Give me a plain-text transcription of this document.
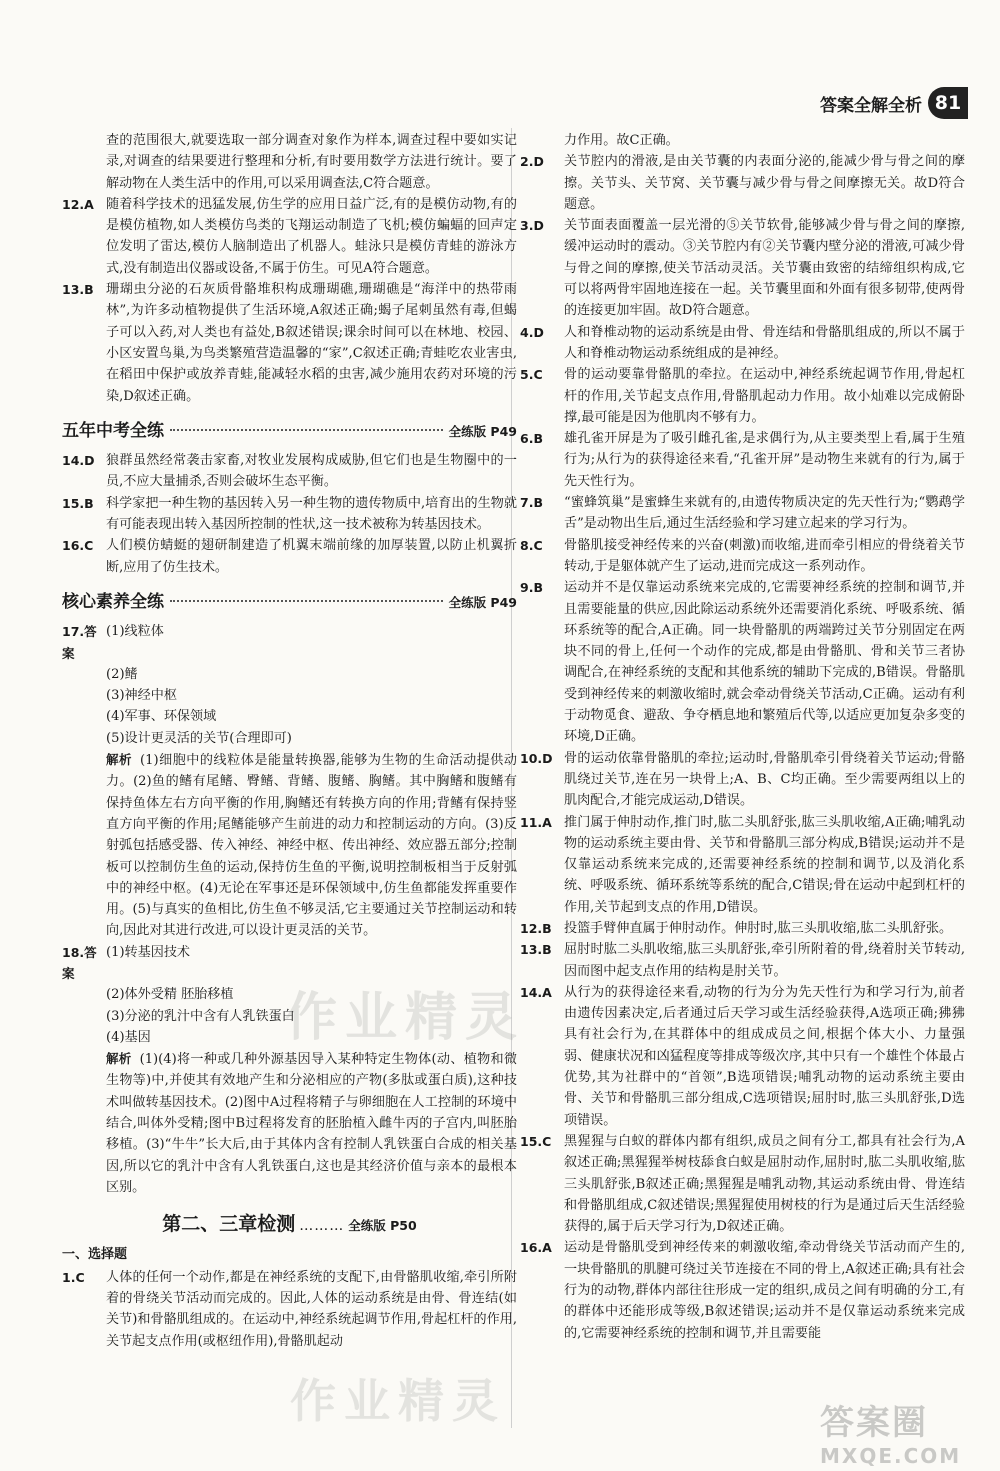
答案全解全析 81

查的范围很大,就要选取一部分调查对象作为样本,调查过程中要如实记录,对调查的结果要进行整理和分析,有时要用数学方法进行统计。要了解动物在人类生活中的作用,可以采用调查法,C符合题意。

12.A 随着科学技术的迅猛发展,仿生学的应用日益广泛,有的是模仿动物,有的是模仿植物,如人类模仿鸟类的飞翔运动制造了飞机;模仿蝙蝠的回声定位发明了雷达,模仿人脑制造出了机器人。蛙泳只是模仿青蛙的游泳方式,没有制造出仪器或设备,不属于仿生。可见A符合题意。
13.B 珊瑚虫分泌的石灰质骨骼堆积构成珊瑚礁,珊瑚礁是“海洋中的热带雨林”,为许多动植物提供了生活环境,A叙述正确;蝎子尾刺虽然有毒,但蝎子可以入药,对人类也有益处,B叙述错误;课余时间可以在林地、校园、小区安置鸟巢,为鸟类繁殖营造温馨的“家”,C叙述正确;青蛙吃农业害虫,在稻田中保护或放养青蛙,能减轻水稻的虫害,减少施用农药对环境的污染,D叙述正确。
五年中考全练	全练版 P49
14.D 狼群虽然经常袭击家畜,对牧业发展构成威胁,但它们也是生物圈中的一员,不应大量捕杀,否则会破坏生态平衡。
15.B 科学家把一种生物的基因转入另一种生物的遗传物质中,培育出的生物就有可能表现出转入基因所控制的性状,这一技术被称为转基因技术。
16.C 人们模仿蜻蜓的翅研制建造了机翼末端前缘的加厚装置,以防止机翼折断,应用了仿生技术。
核心素养全练	全练版 P49
17.答案
(1)线粒体

(2)鳍

(3)神经中枢

(4)军事、环保领域

(5)设计更灵活的关节(合理即可)

解析 (1)细胞中的线粒体是能量转换器,能够为生物的生命活动提供动力。(2)鱼的鳍有尾鳍、臀鳍、背鳍、腹鳍、胸鳍。其中胸鳍和腹鳍有保持鱼体左右方向平衡的作用,胸鳍还有转换方向的作用;背鳍有保持竖直方向平衡的作用;尾鳍能够产生前进的动力和控制运动的方向。(3)反射弧包括感受器、传入神经、神经中枢、传出神经、效应器五部分;控制板可以控制仿生鱼的运动,保持仿生鱼的平衡,说明控制板相当于反射弧中的神经中枢。(4)无论在军事还是环保领域中,仿生鱼都能发挥重要作用。(5)与真实的鱼相比,仿生鱼不够灵活,它主要通过关节控制运动和转向,因此对其进行改进,可以设计更灵活的关节。

18.答案
(1)转基因技术

(2)体外受精 胚胎移植

(3)分泌的乳汁中含有人乳铁蛋白

(4)基因

解析 (1)(4)将一种或几种外源基因导入某种特定生物体(动、植物和微生物等)中,并使其有效地产生和分泌相应的产物(多肽或蛋白质),这种技术叫做转基因技术。(2)图中A过程将精子与卵细胞在人工控制的环境中结合,叫体外受精;图中B过程将发育的胚胎植入雌牛丙的子宫内,叫胚胎移植。(3)“牛牛”长大后,由于其体内含有控制人乳铁蛋白合成的相关基因,所以它的乳汁中含有人乳铁蛋白,这也是其经济价值与亲本的最根本区别。

第二、三章检测 ……… 全练版 P50
一、选择题
1.C	人体的任何一个动作,都是在神经系统的支配下,由骨骼肌收缩,牵引所附着的骨绕关节活动而完成的。因此,人体的运动系统是由骨、骨连结(如关节)和骨骼肌组成的。在运动中,神经系统起调节作用,骨起杠杆的作用,关节起支点作用(或枢纽作用),骨骼肌起动

力作用。故C正确。

2.D	关节腔内的滑液,是由关节囊的内表面分泌的,能减少骨与骨之间的摩擦。关节头、关节窝、关节囊与减少骨与骨之间摩擦无关。故D符合题意。
3.D	关节面表面覆盖一层光滑的⑤关节软骨,能够减少骨与骨之间的摩擦,缓冲运动时的震动。③关节腔内有②关节囊内壁分泌的滑液,可减少骨与骨之间的摩擦,使关节活动灵活。关节囊由致密的结缔组织构成,它可以将两骨牢固地连接在一起。关节囊里面和外面有很多韧带,使两骨的连接更加牢固。故D符合题意。
4.D	人和脊椎动物的运动系统是由骨、骨连结和骨骼肌组成的,所以不属于人和脊椎动物运动系统组成的是神经。
5.C	骨的运动要靠骨骼肌的牵拉。在运动中,神经系统起调节作用,骨起杠杆的作用,关节起支点作用,骨骼肌起动力作用。故小灿难以完成俯卧撑,最可能是因为他肌肉不够有力。
6.B	雄孔雀开屏是为了吸引雌孔雀,是求偶行为,从主要类型上看,属于生殖行为;从行为的获得途径来看,“孔雀开屏”是动物生来就有的行为,属于先天性行为。
7.B	“蜜蜂筑巢”是蜜蜂生来就有的,由遗传物质决定的先天性行为;“鹦鹉学舌”是动物出生后,通过生活经验和学习建立起来的学习行为。
8.C	骨骼肌接受神经传来的兴奋(刺激)而收缩,进而牵引相应的骨绕着关节转动,于是躯体就产生了运动,进而完成这一系列动作。
9.B	运动并不是仅靠运动系统来完成的,它需要神经系统的控制和调节,并且需要能量的供应,因此除运动系统外还需要消化系统、呼吸系统、循环系统等的配合,A正确。同一块骨骼肌的两端跨过关节分别固定在两块不同的骨上,任何一个动作的完成,都是由骨骼肌、骨和关节三者协调配合,在神经系统的支配和其他系统的辅助下完成的,B错误。骨骼肌受到神经传来的刺激收缩时,就会牵动骨绕关节活动,C正确。运动有利于动物觅食、避敌、争夺栖息地和繁殖后代等,以适应更加复杂多变的环境,D正确。
10.D 骨的运动依靠骨骼肌的牵拉;运动时,骨骼肌牵引骨绕着关节运动;骨骼肌绕过关节,连在另一块骨上;A、B、C均正确。至少需要两组以上的肌肉配合,才能完成运动,D错误。
11.A 推门属于伸肘动作,推门时,肱二头肌舒张,肱三头肌收缩,A正确;哺乳动物的运动系统主要由骨、关节和骨骼肌三部分构成,B错误;运动并不是仅靠运动系统来完成的,还需要神经系统的控制和调节,以及消化系统、呼吸系统、循环系统等系统的配合,C错误;骨在运动中起到杠杆的作用,关节起到支点的作用,D错误。
12.B 投篮手臂伸直属于伸肘动作。伸肘时,肱三头肌收缩,肱二头肌舒张。
13.B 屈肘时肱二头肌收缩,肱三头肌舒张,牵引所附着的骨,绕着肘关节转动,因而图中起支点作用的结构是肘关节。
14.A 从行为的获得途径来看,动物的行为分为先天性行为和学习行为,前者由遗传因素决定,后者通过后天学习或生活经验获得,A选项正确;狒狒具有社会行为,在其群体中的组成成员之间,根据个体大小、力量强弱、健康状况和凶猛程度等排成等级次序,其中只有一个雄性个体最占优势,其为社群中的“首领”,B选项错误;哺乳动物的运动系统主要由骨、关节和骨骼肌三部分组成,C选项错误;屈肘时,肱三头肌舒张,D选项错误。
15.C 黑猩猩与白蚁的群体内都有组织,成员之间有分工,都具有社会行为,A叙述正确;黑猩猩举树枝舔食白蚁是屈肘动作,屈肘时,肱二头肌收缩,肱三头肌舒张,B叙述正确;黑猩猩是哺乳动物,其运动系统由骨、骨连结和骨骼肌组成,C叙述错误;黑猩猩使用树枝的行为是通过后天生活经验获得的,属于后天学习行为,D叙述正确。
16.A 运动是骨骼肌受到神经传来的刺激收缩,牵动骨绕关节活动而产生的,一块骨骼肌的肌腱可绕过关节连接在不同的骨上,A叙述正确;具有社会行为的动物,群体内部往往形成一定的组织,成员之间有明确的分工,有的群体中还能形成等级,B叙述错误;运动并不是仅靠运动系统来完成的,它需要神经系统的控制和调节,并且需要能
作业精灵
作业精灵	答案圈
MXQE.COM
